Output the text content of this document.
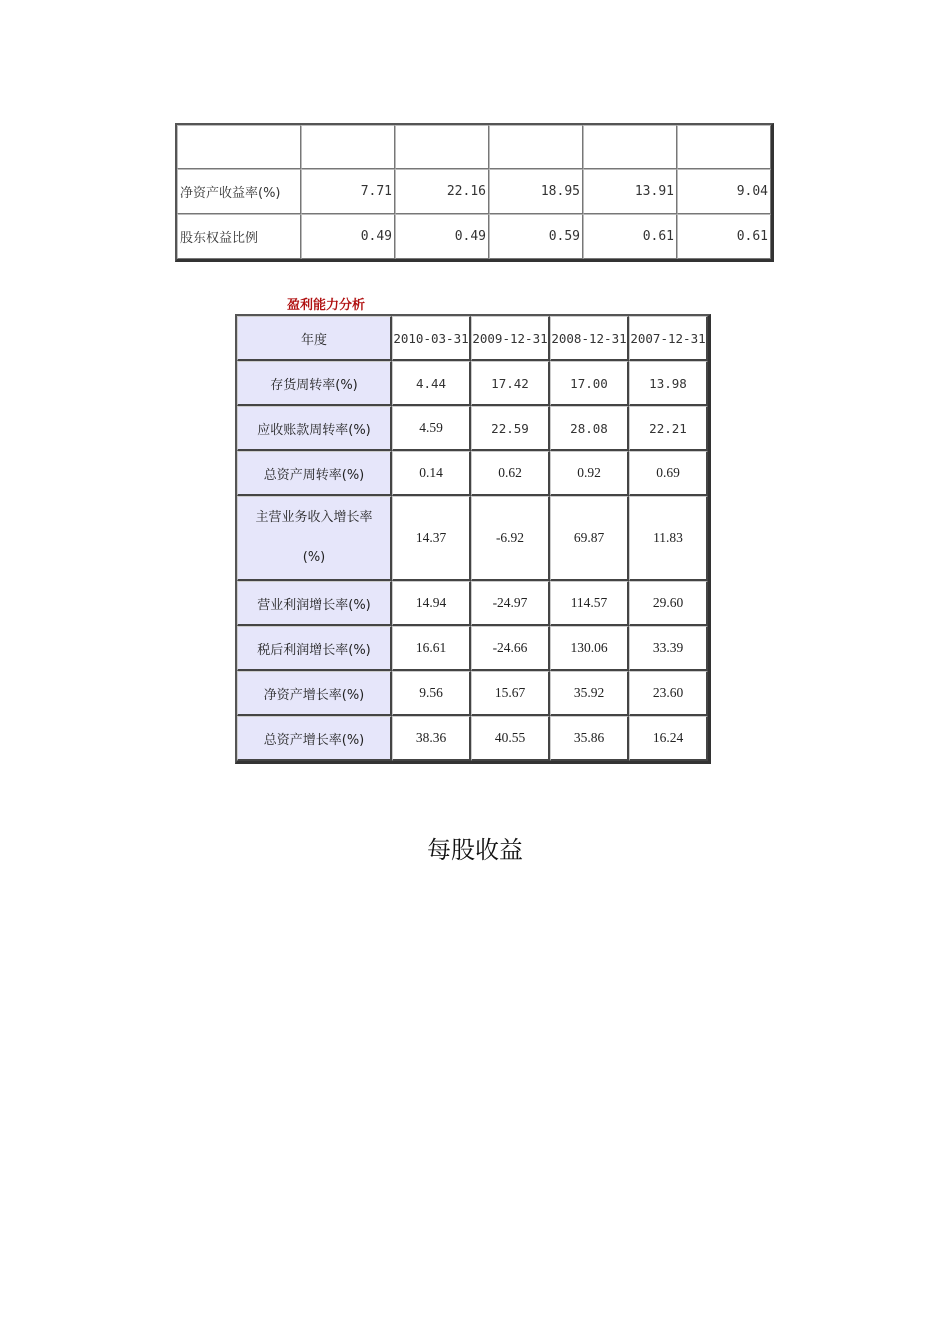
净资产收益率(%)	7.71	22.16	18.95	13.91	9.04
股东权益比例	0.49	0.49	0.59	0.61	0.61
盈利能力分析
年度	2010-03-31	2009-12-31	2008-12-31	2007-12-31
存货周转率(%)	4.44	17.42	17.00	13.98
应收账款周转率(%)	4.59	22.59	28.08	22.21
总资产周转率(%)	0.14	0.62	0.92	0.69
主营业务收入增长率
(%)	14.37	-6.92	69.87	11.83
营业利润增长率(%)	14.94	-24.97	114.57	29.60
税后利润增长率(%)	16.61	-24.66	130.06	33.39
净资产增长率(%)	9.56	15.67	35.92	23.60
总资产增长率(%)	38.36	40.55	35.86	16.24
每股收益
